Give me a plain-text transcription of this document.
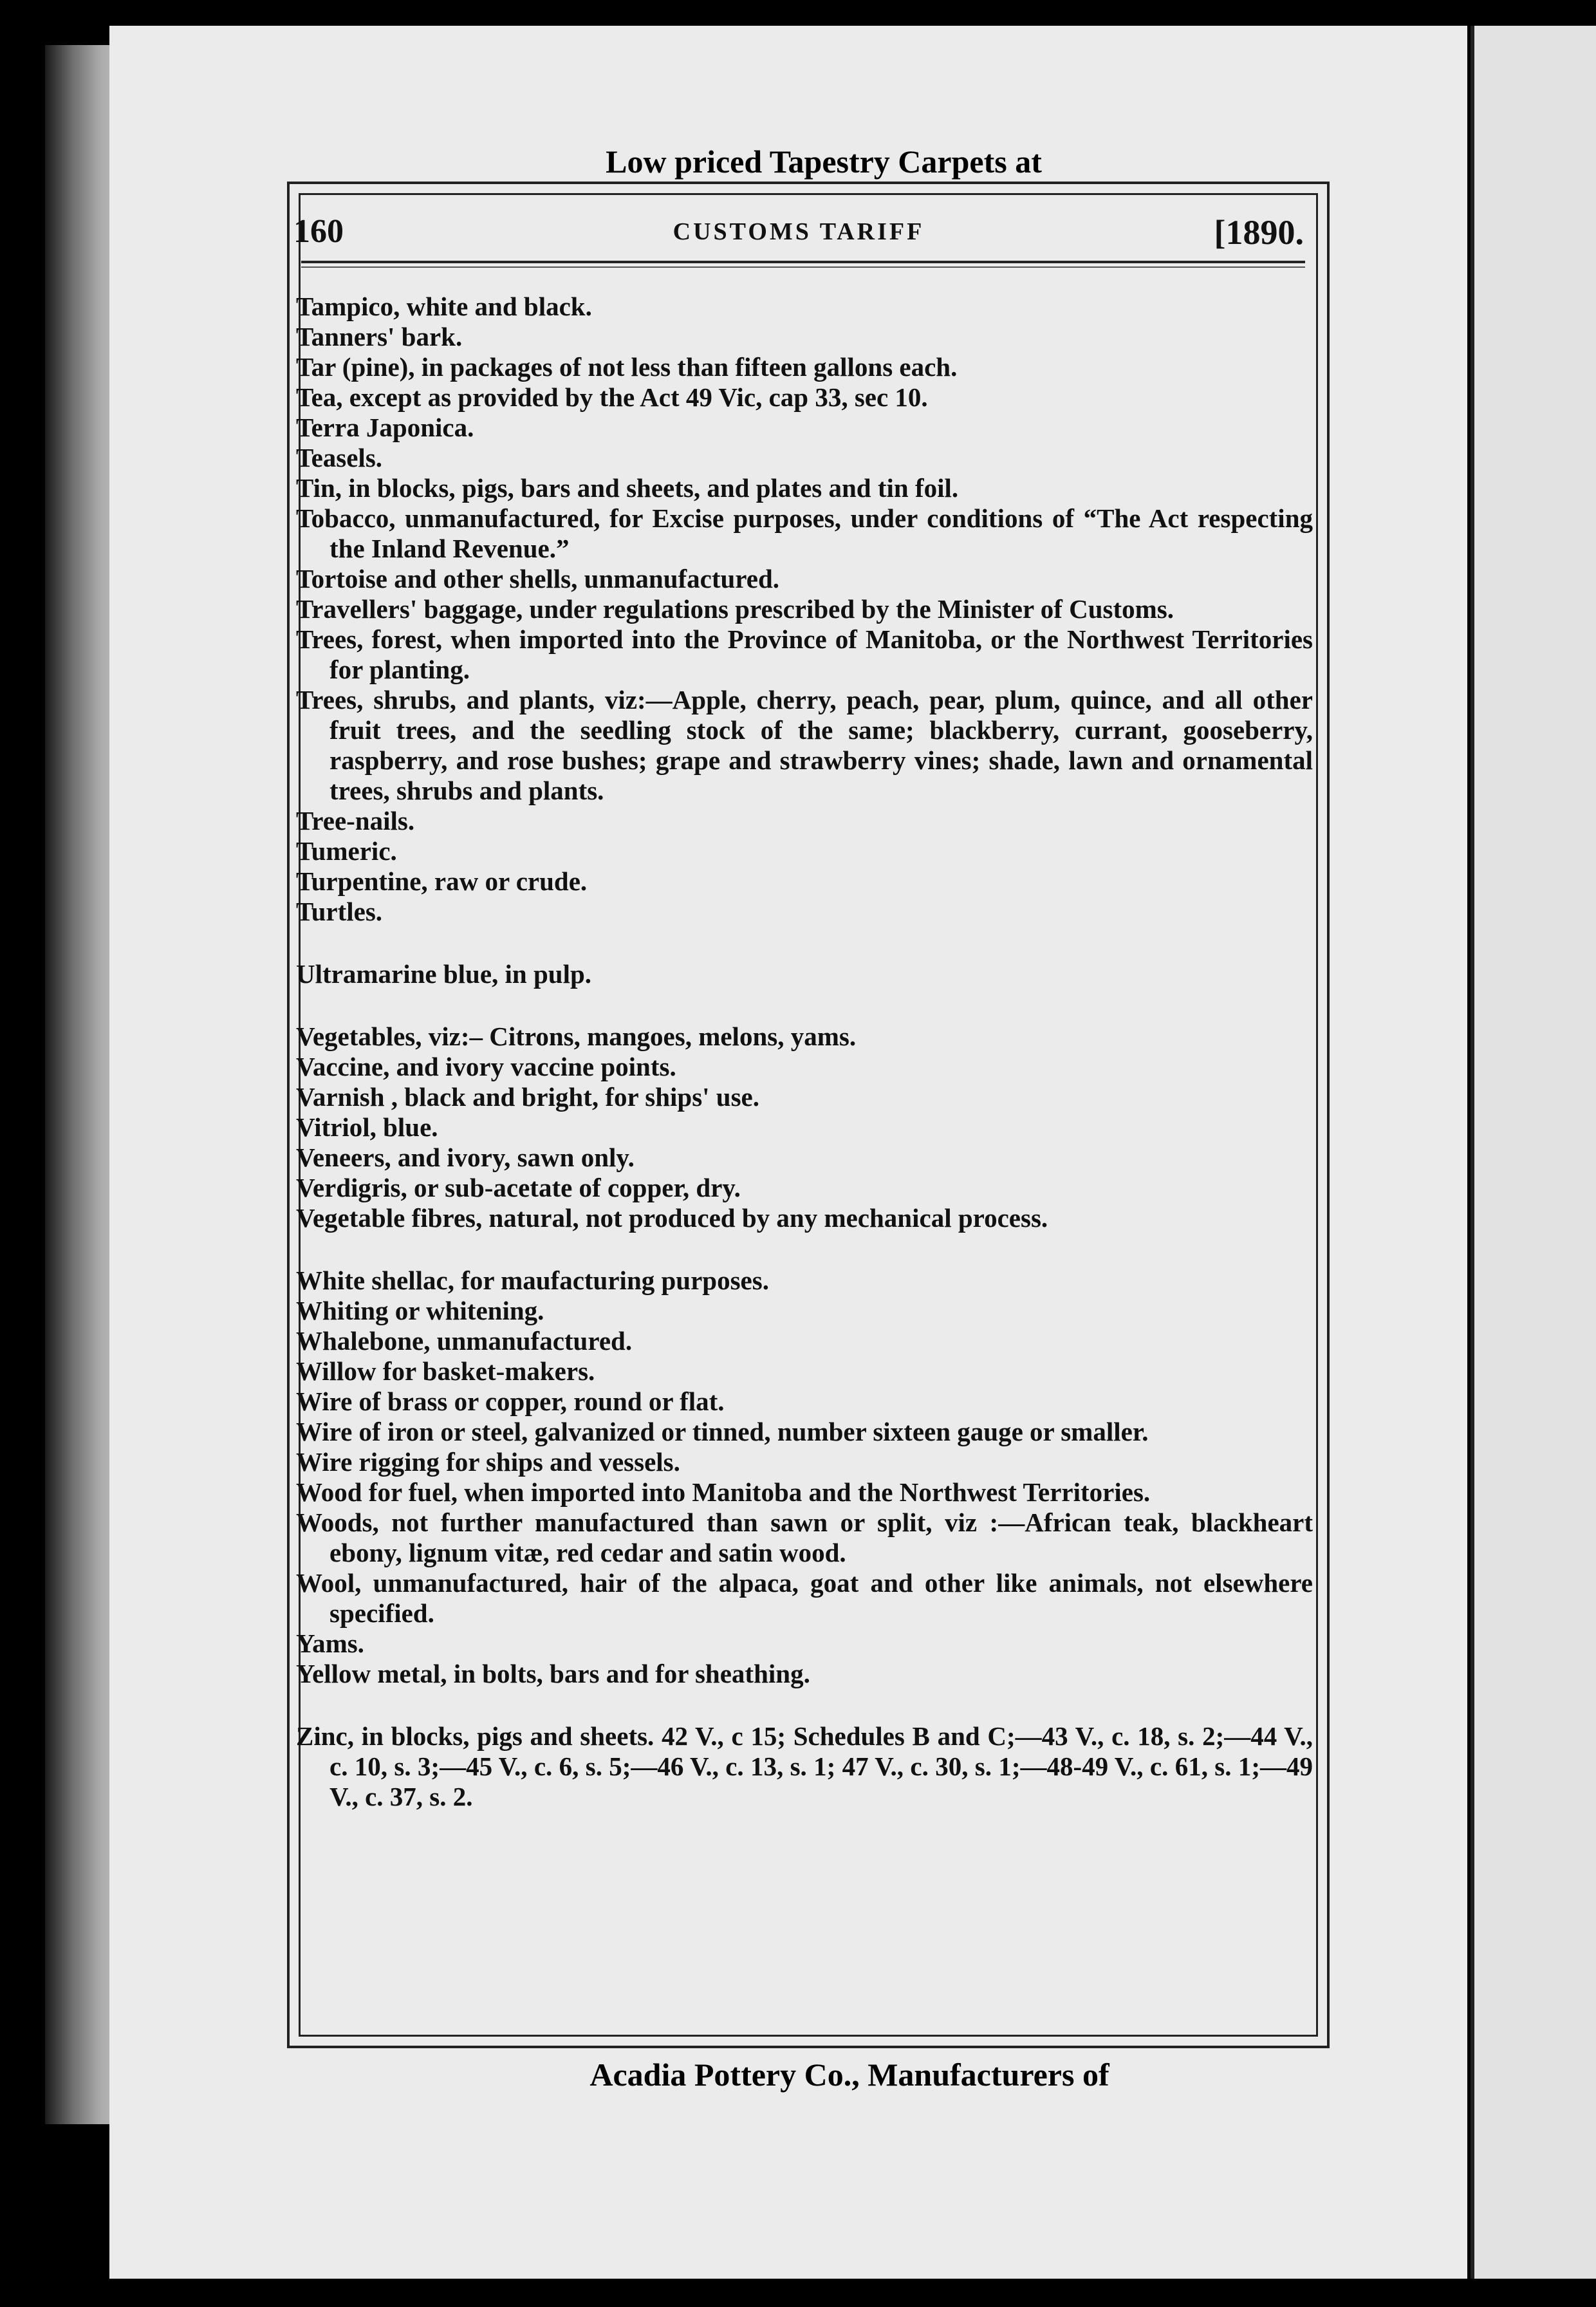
Low priced Tapestry Carpets at
160	CUSTOMS TARIFF	[1890.
Tampico, white and black.
Tanners' bark.
Tar (pine), in packages of not less than fifteen gallons each.
Tea, except as provided by the Act 49 Vic, cap 33, sec 10.
Terra Japonica.
Teasels.
Tin, in blocks, pigs, bars and sheets, and plates and tin foil.
Tobacco, unmanufactured, for Excise purposes, under conditions of “The Act respecting the Inland Revenue.”
Tortoise and other shells, unmanufactured.
Travellers' baggage, under regulations prescribed by the Minister of Customs.
Trees, forest, when imported into the Province of Manitoba, or the Northwest Territories for planting.
Trees, shrubs, and plants, viz:—Apple, cherry, peach, pear, plum, quince, and all other fruit trees, and the seedling stock of the same; blackberry, currant, gooseberry, raspberry, and rose bushes; grape and strawberry vines; shade, lawn and ornamental trees, shrubs and plants.
Tree-nails.
Tumeric.
Turpentine, raw or crude.
Turtles.
Ultramarine blue, in pulp.
Vegetables, viz:– Citrons, mangoes, melons, yams.
Vaccine, and ivory vaccine points.
Varnish , black and bright, for ships' use.
Vitriol, blue.
Veneers, and ivory, sawn only.
Verdigris, or sub-acetate of copper, dry.
Vegetable fibres, natural, not produced by any mechanical process.
White shellac, for maufacturing purposes.
Whiting or whitening.
Whalebone, unmanufactured.
Willow for basket-makers.
Wire of brass or copper, round or flat.
Wire of iron or steel, galvanized or tinned, number sixteen gauge or smaller.
Wire rigging for ships and vessels.
Wood for fuel, when imported into Manitoba and the Northwest Territories.
Woods, not further manufactured than sawn or split, viz :—African teak, blackheart ebony, lignum vitæ, red cedar and satin wood.
Wool, unmanufactured, hair of the alpaca, goat and other like animals, not elsewhere specified.
Yams.
Yellow metal, in bolts, bars and for sheathing.
Zinc, in blocks, pigs and sheets. 42 V., c 15; Schedules B and C;—43 V., c. 18, s. 2;—44 V., c. 10, s. 3;—45 V., c. 6, s. 5;—46 V., c. 13, s. 1; 47 V., c. 30, s. 1;—48-49 V., c. 61, s. 1;—49 V., c. 37, s. 2.
Acadia Pottery Co., Manufacturers of
